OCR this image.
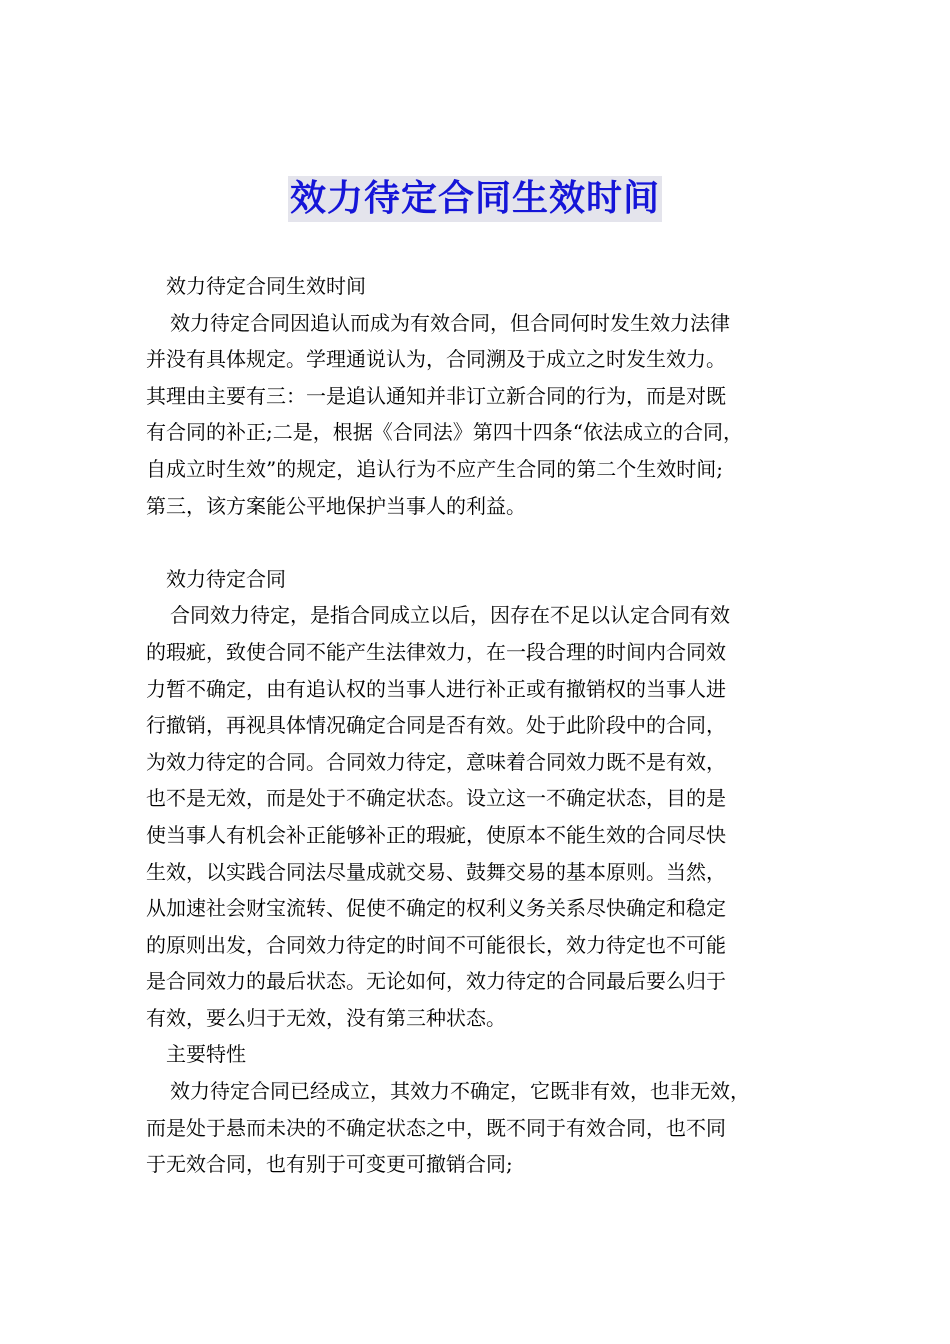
效力待定合同生效时间

效力待定合同生效时间

效力待定合同因追认而成为有效合同，但合同何时发生效力法律

并没有具体规定。学理通说认为，合同溯及于成立之时发生效力。

其理由主要有三：一是追认通知并非订立新合同的行为，而是对既

有合同的补正;二是，根据《合同法》第四十四条“依法成立的合同，

自成立时生效”的规定，追认行为不应产生合同的第二个生效时间;

第三，该方案能公平地保护当事人的利益。

效力待定合同

合同效力待定，是指合同成立以后，因存在不足以认定合同有效

的瑕疵，致使合同不能产生法律效力，在一段合理的时间内合同效

力暂不确定，由有追认权的当事人进行补正或有撤销权的当事人进

行撤销，再视具体情况确定合同是否有效。处于此阶段中的合同，

为效力待定的合同。合同效力待定，意味着合同效力既不是有效，

也不是无效，而是处于不确定状态。设立这一不确定状态，目的是

使当事人有机会补正能够补正的瑕疵，使原本不能生效的合同尽快

生效，以实践合同法尽量成就交易、鼓舞交易的基本原则。当然，

从加速社会财宝流转、促使不确定的权利义务关系尽快确定和稳定

的原则出发，合同效力待定的时间不可能很长，效力待定也不可能

是合同效力的最后状态。无论如何，效力待定的合同最后要么归于

有效，要么归于无效，没有第三种状态。

主要特性

效力待定合同已经成立，其效力不确定，它既非有效，也非无效，

而是处于悬而未决的不确定状态之中，既不同于有效合同，也不同

于无效合同，也有别于可变更可撤销合同;
